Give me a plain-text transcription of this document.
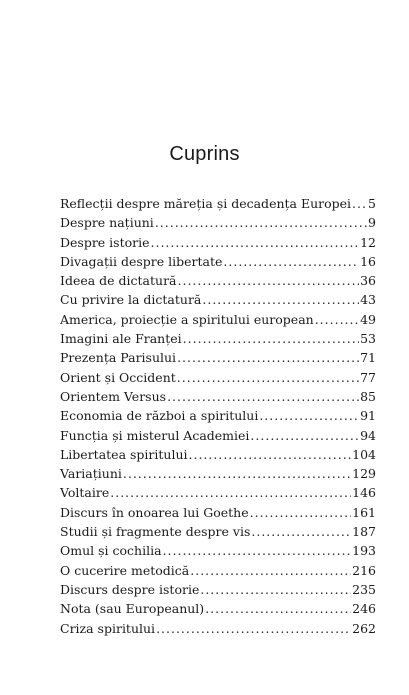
Cuprins
Reflecții despre măreția și decadența Europei ..... 5
Despre națiuni .....	9
Despre istorie .....	12
Divagații despre libertate .....	16
Ideea de dictatură .....	36
Cu privire la dictatură .....	43
America, proiecție a spiritului european .....	49
Imagini ale Franței .....	53
Prezența Parisului .....	71
Orient și Occident .....	77
Orientem Versus .....	85
Economia de război a spiritului .....	91
Funcția și misterul Academiei .....	94
Libertatea spiritului .....	104
Variațiuni .....	129
Voltaire .....	146
Discurs în onoarea lui Goethe .....	161
Studii și fragmente despre vis .....	187
Omul și cochilia .....	193
O cucerire metodică .....	216
Discurs despre istorie .....	235
Nota (sau Europeanul) .....	246
Criza spiritului .....	262
